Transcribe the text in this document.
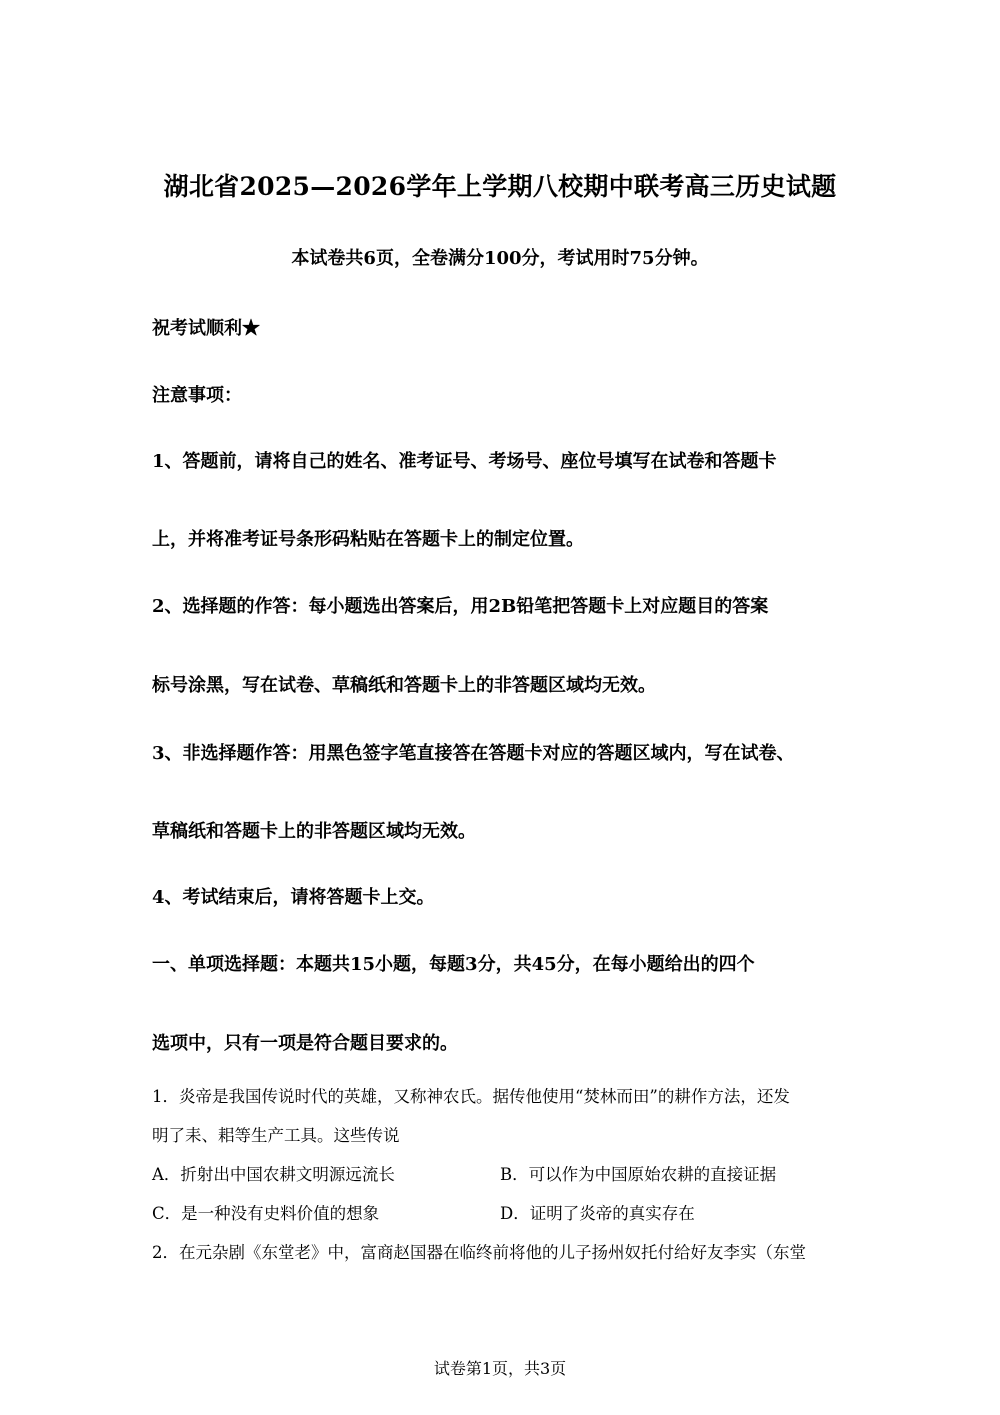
湖北省2025—2026学年上学期八校期中联考高三历史试题
本试卷共6页，全卷满分100分，考试用时75分钟。
祝考试顺利★
注意事项：
1、答题前，请将自己的姓名、准考证号、考场号、座位号填写在试卷和答题卡
上，并将准考证号条形码粘贴在答题卡上的制定位置。
2、选择题的作答：每小题选出答案后，用2B铅笔把答题卡上对应题目的答案
标号涂黑，写在试卷、草稿纸和答题卡上的非答题区域均无效。
3、非选择题作答：用黑色签字笔直接答在答题卡对应的答题区域内，写在试卷、
草稿纸和答题卡上的非答题区域均无效。
4、考试结束后，请将答题卡上交。
一、单项选择题：本题共15小题，每题3分，共45分，在每小题给出的四个
选项中，只有一项是符合题目要求的。
1．炎帝是我国传说时代的英雄，又称神农氏。据传他使用“焚林而田”的耕作方法，还发
明了耒、耜等生产工具。这些传说
A．折射出中国农耕文明源远流长	B．可以作为中国原始农耕的直接证据
C．是一种没有史料价值的想象	D．证明了炎帝的真实存在
2．在元杂剧《东堂老》中，富商赵国器在临终前将他的儿子扬州奴托付给好友李实（东堂
试卷第1页，共3页
